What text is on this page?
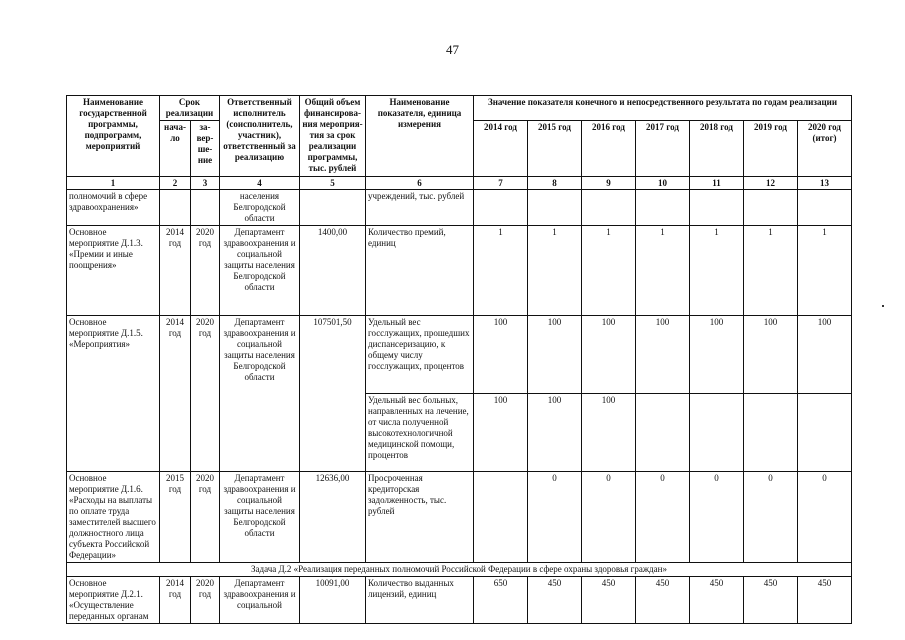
47
Наименование государственной программы, подпрограмм, мероприятий	Срок реализации		Ответственный исполнитель (соисполнитель, участник), ответственный за реализацию	Общий объем финансирова-ния мероприя-тия за срок реализации программы, тыс. рублей	Наименование показателя, единица измерения	Значение показателя конечного и непосредственного результата по годам реализации						
	нача-ло	за-вер-ше-ние				2014 год	2015 год	2016 год	2017 год	2018 год	2019 год	2020 год (итог)
1	2	3	4	5	6	7	8	9	10	11	12	13
полномочий в сфере здравоохранения»			населения Белгородской области		учреждений, тыс. рублей							
Основное мероприятие Д.1.3. «Премии и иные поощрения»	2014 год	2020 год	Департамент здравоохранения и социальной защиты населения Белгородской области	1400,00	Количество премий, единиц	1	1	1	1	1	1	1
Основное мероприятие Д.1.5. «Мероприятия»	2014 год	2020 год	Департамент здравоохранения и социальной защиты населения Белгородской области	107501,50	Удельный вес госслужащих, прошедших диспансеризацию, к общему числу госслужащих, процентов	100	100	100	100	100	100	100
					Удельный вес больных, направленных на лечение, от числа полученной высокотехнологичной медицинской помощи, процентов	100	100	100				
Основное мероприятие Д.1.6. «Расходы на выплаты по оплате труда заместителей высшего должностного лица субъекта Российской Федерации»	2015 год	2020 год	Департамент здравоохранения и социальной защиты населения Белгородской области	12636,00	Просроченная кредиторская задолженность, тыс. рублей		0	0	0	0	0	0
Задача Д.2 «Реализация переданных полномочий Российской Федерации в сфере охраны здоровья граждан»												
Основное мероприятие Д.2.1. «Осуществление переданных органам	2014 год	2020 год	Департамент здравоохранения и социальной	10091,00	Количество выданных лицензий, единиц	650	450	450	450	450	450	450
